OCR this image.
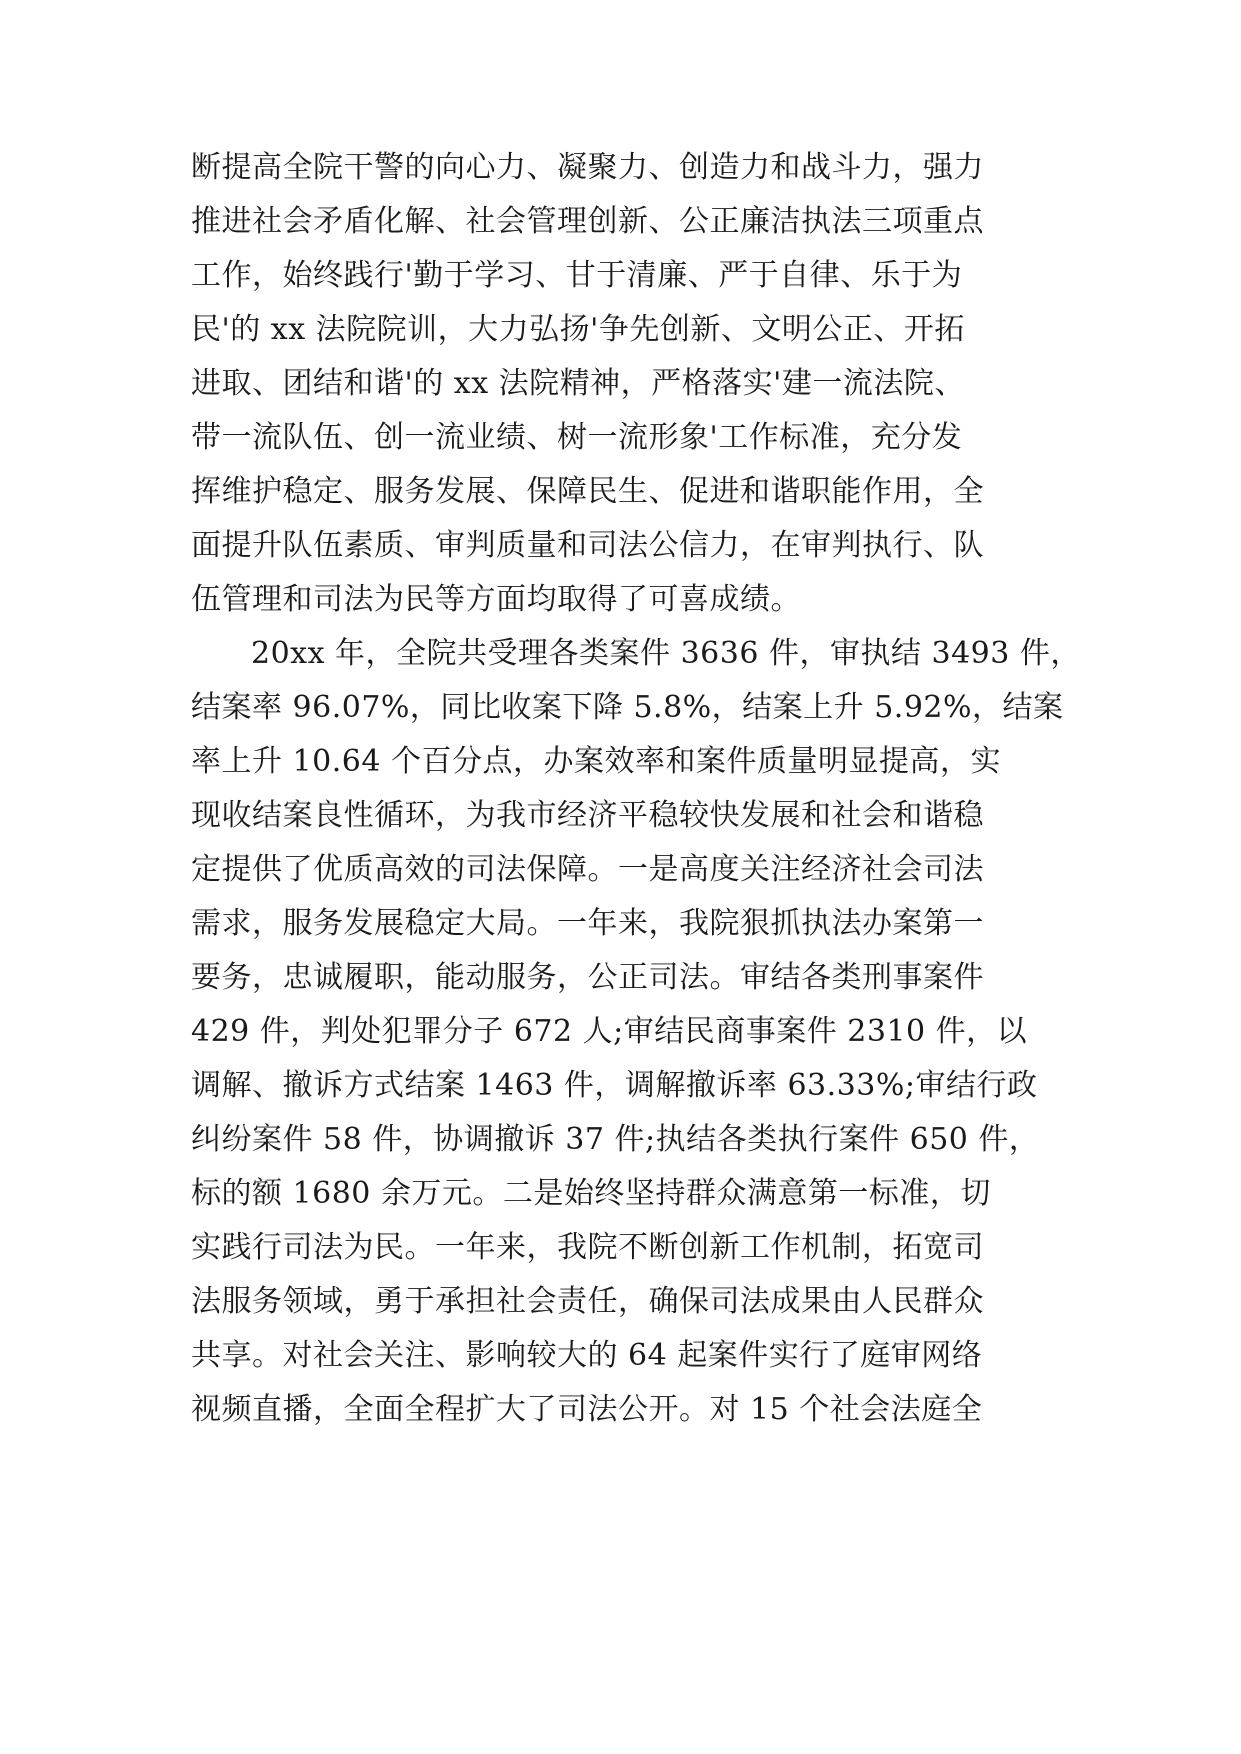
断提高全院干警的向心力、凝聚力、创造力和战斗力，强力
推进社会矛盾化解、社会管理创新、公正廉洁执法三项重点
工作，始终践行'勤于学习、甘于清廉、严于自律、乐于为
民'的 xx 法院院训，大力弘扬'争先创新、文明公正、开拓
进取、团结和谐'的 xx 法院精神，严格落实'建一流法院、
带一流队伍、创一流业绩、树一流形象'工作标准，充分发
挥维护稳定、服务发展、保障民生、促进和谐职能作用，全
面提升队伍素质、审判质量和司法公信力，在审判执行、队
伍管理和司法为民等方面均取得了可喜成绩。
20xx 年，全院共受理各类案件 3636 件，审执结 3493 件，
结案率 96.07%，同比收案下降 5.8%，结案上升 5.92%，结案
率上升 10.64 个百分点，办案效率和案件质量明显提高，实
现收结案良性循环，为我市经济平稳较快发展和社会和谐稳
定提供了优质高效的司法保障。一是高度关注经济社会司法
需求，服务发展稳定大局。一年来，我院狠抓执法办案第一
要务，忠诚履职，能动服务，公正司法。审结各类刑事案件
429 件，判处犯罪分子 672 人;审结民商事案件 2310 件，以
调解、撤诉方式结案 1463 件，调解撤诉率 63.33%;审结行政
纠纷案件 58 件，协调撤诉 37 件;执结各类执行案件 650 件，
标的额 1680 余万元。二是始终坚持群众满意第一标准，切
实践行司法为民。一年来，我院不断创新工作机制，拓宽司
法服务领域，勇于承担社会责任，确保司法成果由人民群众
共享。对社会关注、影响较大的 64 起案件实行了庭审网络
视频直播，全面全程扩大了司法公开。对 15 个社会法庭全
